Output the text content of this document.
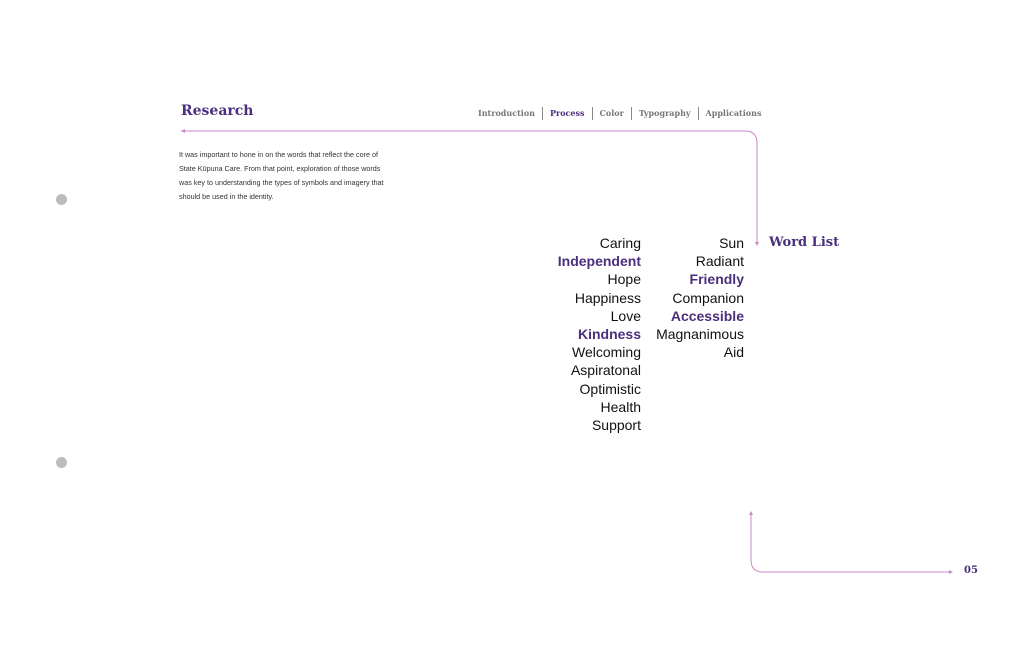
Research	Introduction	Process	Color	Typography	Applications
It was important to hone in on the words that reflect the core of
State Kūpuna Care. From that point, exploration of those words
was key to understanding the types of symbols and imagery that
should be used in the identity.
Caring
Independent
Hope
Happiness
Love
Kindness
Welcoming
Aspiratonal
Optimistic
Health
Support
Sun
Radiant
Friendly
Companion
Accessible
Magnanimous
Aid
Word List
05
